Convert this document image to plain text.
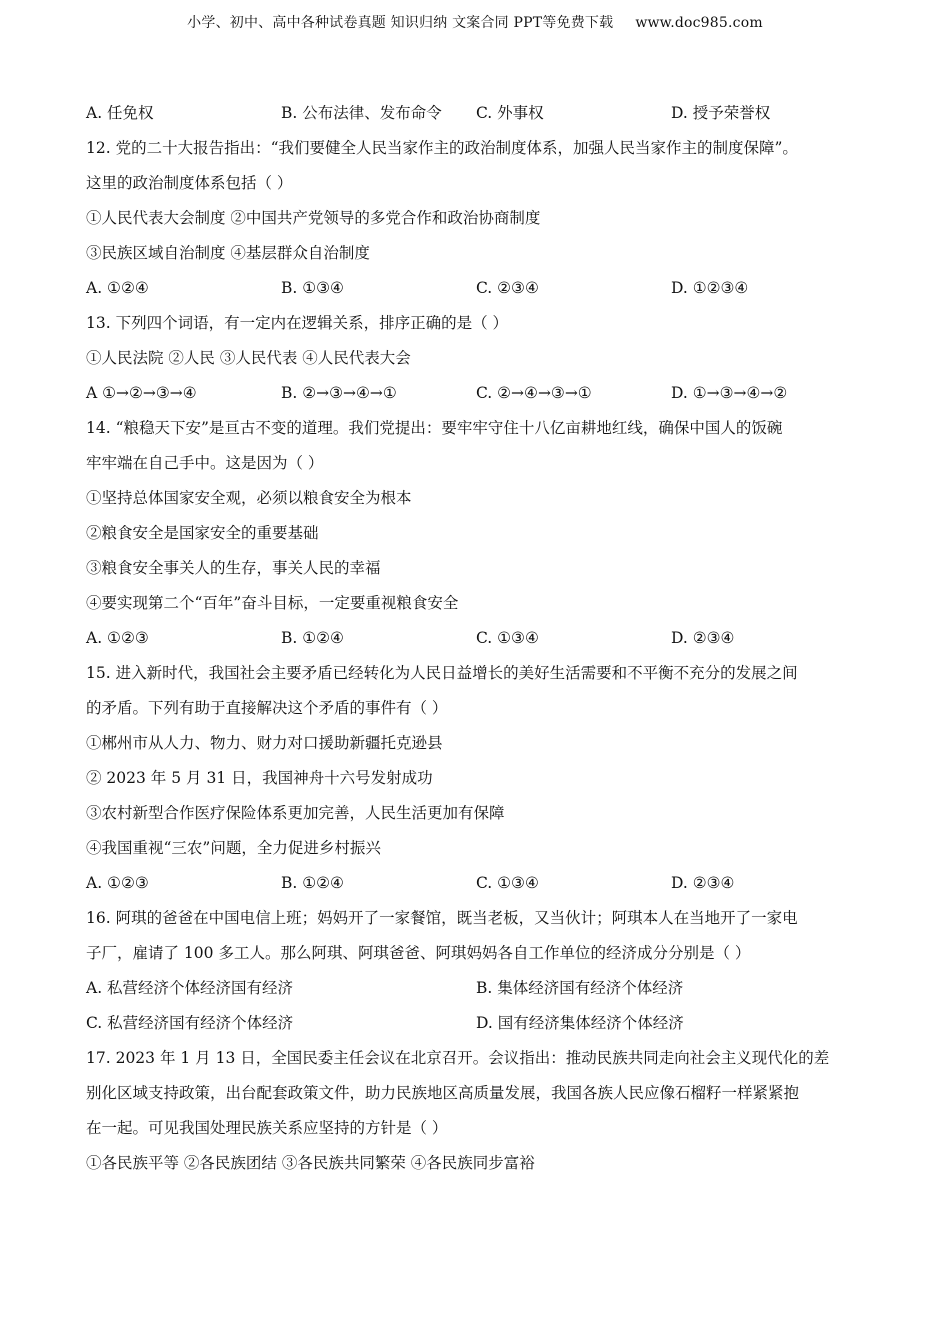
小学、初中、高中各种试卷真题 知识归纳 文案合同 PPT等免费下载 www.doc985.com
A. 任免权	B. 公布法律、发布命令	C. 外事权	D. 授予荣誉权
12. 党的二十大报告指出：“我们要健全人民当家作主的政治制度体系，加强人民当家作主的制度保障”。
这里的政治制度体系包括（ ）
①人民代表大会制度 ②中国共产党领导的多党合作和政治协商制度
③民族区域自治制度 ④基层群众自治制度
A. ①②④	B. ①③④	C. ②③④	D. ①②③④
13. 下列四个词语，有一定内在逻辑关系，排序正确的是（ ）
①人民法院 ②人民 ③人民代表 ④人民代表大会
A ①→②→③→④	B. ②→③→④→①	C. ②→④→③→①	D. ①→③→④→②
14. “粮稳天下安”是亘古不变的道理。我们党提出：要牢牢守住十八亿亩耕地红线，确保中国人的饭碗
牢牢端在自己手中。这是因为（ ）
①坚持总体国家安全观，必须以粮食安全为根本
②粮食安全是国家安全的重要基础
③粮食安全事关人的生存，事关人民的幸福
④要实现第二个“百年”奋斗目标，一定要重视粮食安全
A. ①②③	B. ①②④	C. ①③④	D. ②③④
15. 进入新时代，我国社会主要矛盾已经转化为人民日益增长的美好生活需要和不平衡不充分的发展之间
的矛盾。下列有助于直接解决这个矛盾的事件有（ ）
①郴州市从人力、物力、财力对口援助新疆托克逊县
② 2023 年 5 月 31 日，我国神舟十六号发射成功
③农村新型合作医疗保险体系更加完善，人民生活更加有保障
④我国重视“三农”问题，全力促进乡村振兴
A. ①②③	B. ①②④	C. ①③④	D. ②③④
16. 阿琪的爸爸在中国电信上班；妈妈开了一家餐馆，既当老板，又当伙计；阿琪本人在当地开了一家电
子厂，雇请了 100 多工人。那么阿琪、阿琪爸爸、阿琪妈妈各自工作单位的经济成分分别是（ ）
A. 私营经济个体经济国有经济	B. 集体经济国有经济个体经济
C. 私营经济国有经济个体经济	D. 国有经济集体经济个体经济
17. 2023 年 1 月 13 日，全国民委主任会议在北京召开。会议指出：推动民族共同走向社会主义现代化的差
别化区域支持政策，出台配套政策文件，助力民族地区高质量发展，我国各族人民应像石榴籽一样紧紧抱
在一起。可见我国处理民族关系应坚持的方针是（ ）
①各民族平等 ②各民族团结 ③各民族共同繁荣 ④各民族同步富裕
